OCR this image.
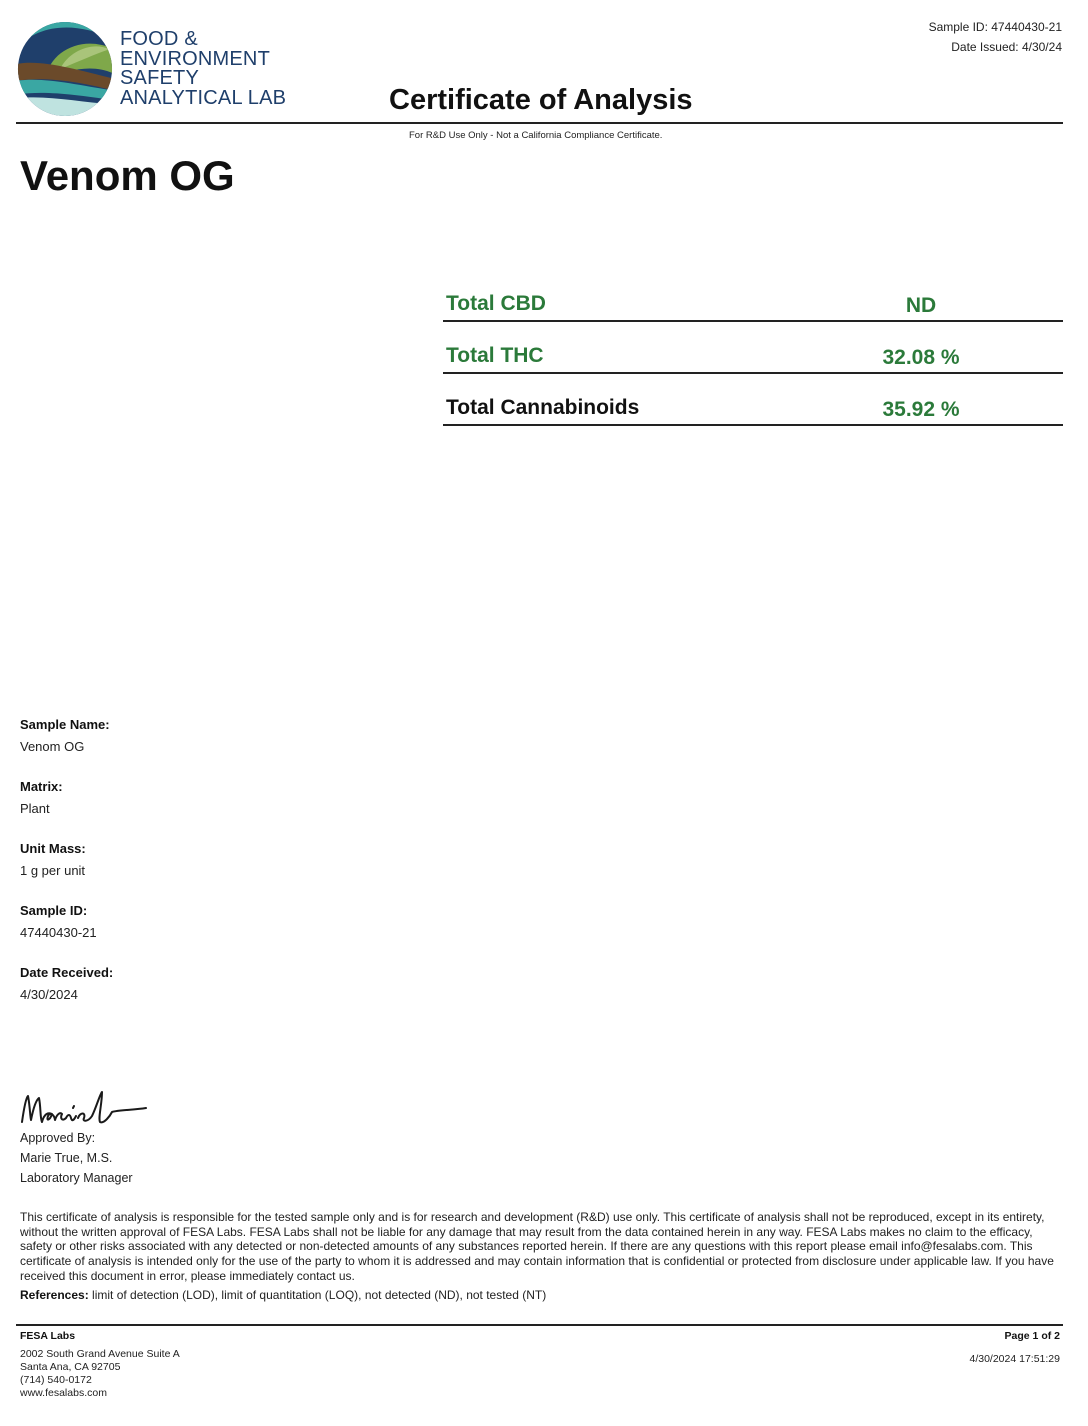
FOOD &
ENVIRONMENT
SAFETY
ANALYTICAL LAB
Sample ID: 47440430-21
Date Issued: 4/30/24
Certificate of Analysis
For R&D Use Only - Not a California Compliance Certificate.
Venom OG
Total CBD	ND
Total THC	32.08 %
Total Cannabinoids	35.92 %
Sample Name:
Venom OG
Matrix:
Plant
Unit Mass:
1 g per unit
Sample ID:
47440430-21
Date Received:
4/30/2024
Approved By:
Marie True, M.S.
Laboratory Manager
This certificate of analysis is responsible for the tested sample only and is for research and development (R&D) use only. This certificate of analysis shall not be reproduced, except in its entirety, without the written approval of FESA Labs. FESA Labs shall not be liable for any damage that may result from the data contained herein in any way. FESA Labs makes no claim to the efficacy, safety or other risks associated with any detected or non-detected amounts of any substances reported herein. If there are any questions with this report please email info@fesalabs.com. This certificate of analysis is intended only for the use of the party to whom it is addressed and may contain information that is confidential or protected from disclosure under applicable law. If you have received this document in error, please immediately contact us.
References: limit of detection (LOD), limit of quantitation (LOQ), not detected (ND), not tested (NT)
FESA Labs
2002 South Grand Avenue Suite A
Santa Ana, CA 92705
(714) 540-0172
www.fesalabs.com
Page 1 of 2
4/30/2024 17:51:29
